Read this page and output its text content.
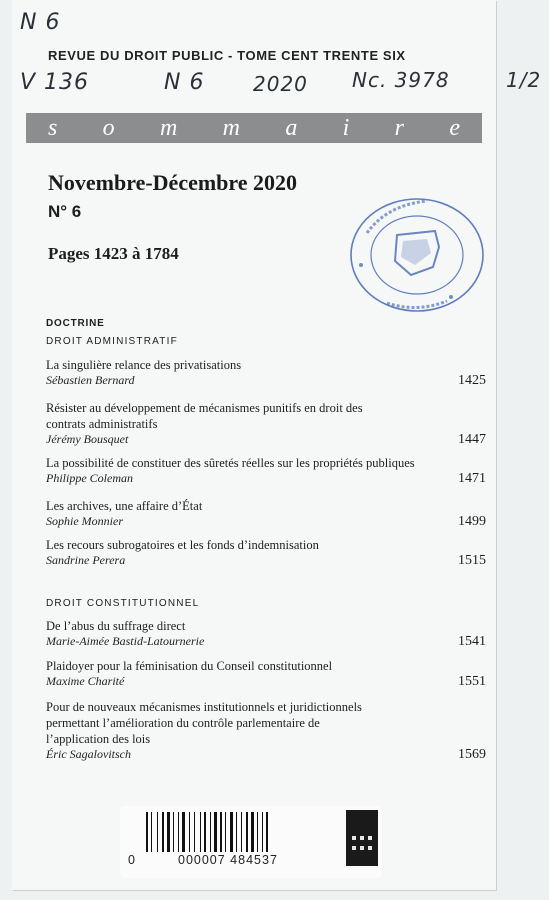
N 6
V 136	N 6 2020 Nc. 3978	1/2
REVUE DU DROIT PUBLIC - TOME CENT TRENTE SIX
s o m m a i r e
Novembre-Décembre 2020
N° 6
Pages 1423 à 1784
DOCTRINE
DROIT ADMINISTRATIF
La singulière relance des privatisations
Sébastien Bernard	1425
Résister au développement de mécanismes punitifs en droit des contrats administratifs
Jérémy Bousquet	1447
La possibilité de constituer des sûretés réelles sur les propriétés publiques
Philippe Coleman	1471
Les archives, une affaire d’État
Sophie Monnier	1499
Les recours subrogatoires et les fonds d’indemnisation
Sandrine Perera	1515
DROIT CONSTITUTIONNEL
De l’abus du suffrage direct
Marie-Aimée Bastid-Latournerie	1541
Plaidoyer pour la féminisation du Conseil constitutionnel
Maxime Charité	1551
Pour de nouveaux mécanismes institutionnels et juridictionnels permettant l’amélioration du contrôle parlementaire de l’application des lois
Éric Sagalovitsch	1569
0	000007 484537
